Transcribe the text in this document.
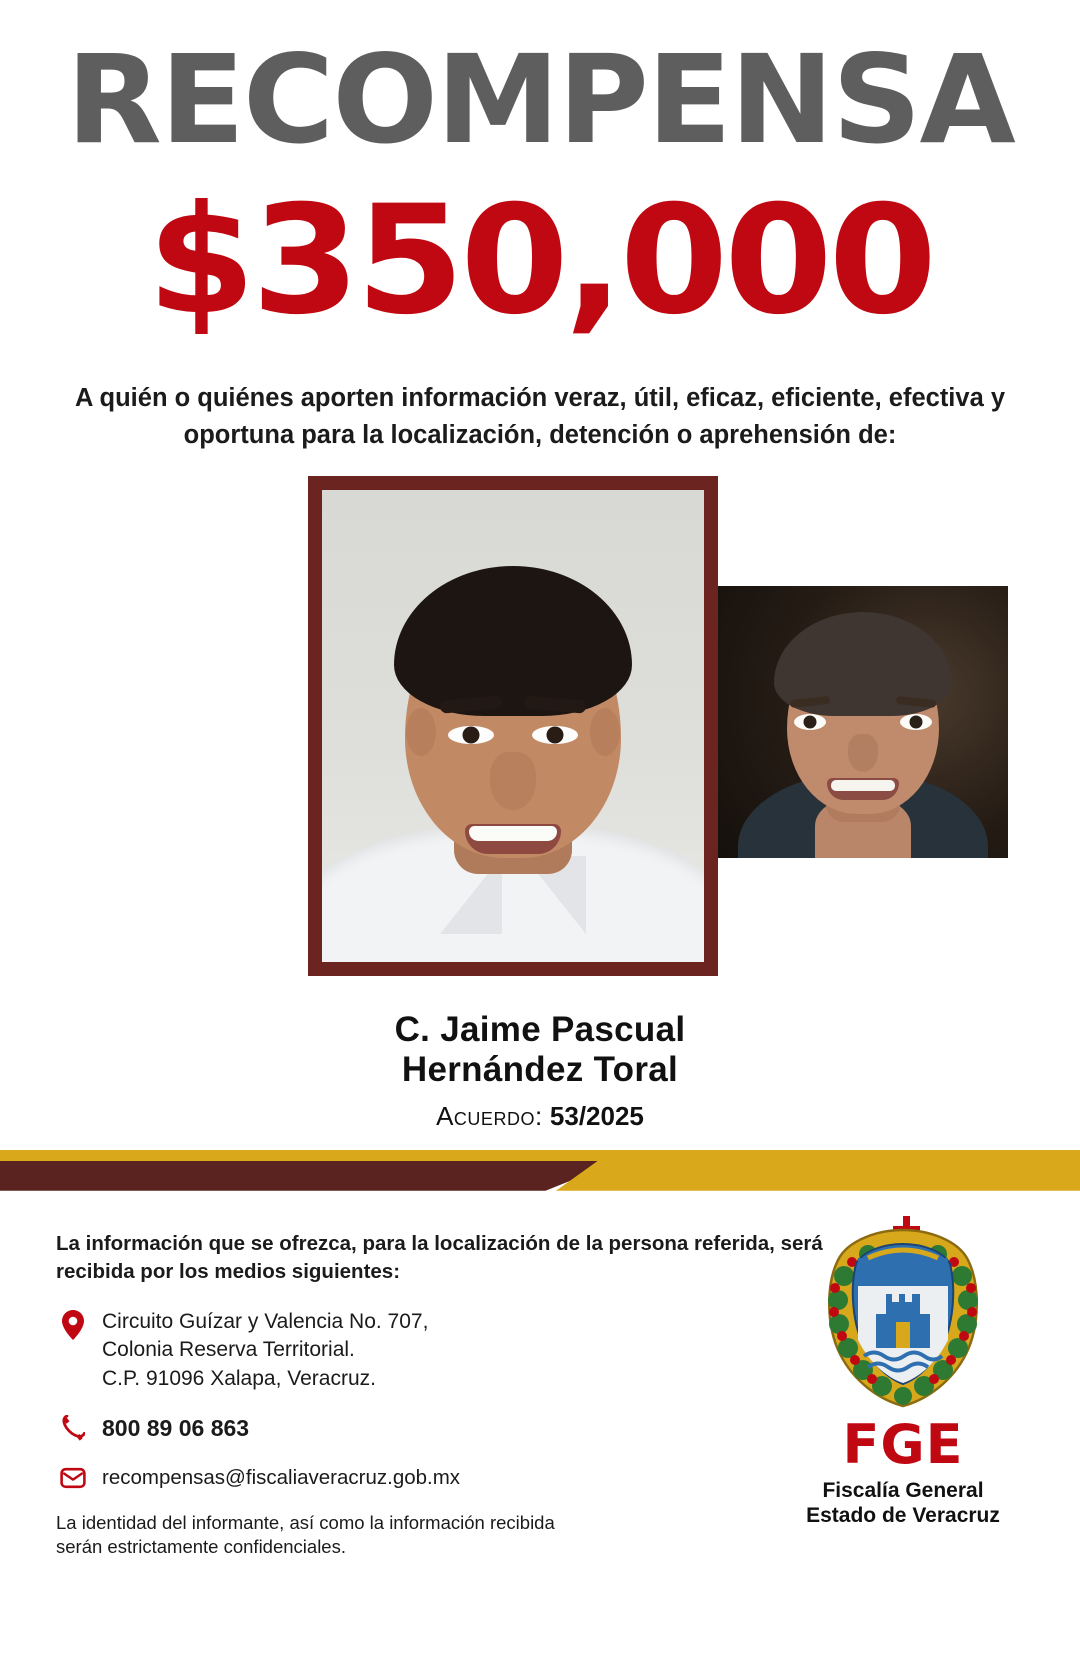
RECOMPENSA
$350,000

A quién o quiénes aporten información veraz, útil, eficaz, eficiente, efectiva y oportuna para la localización, detención o aprehensión de:

C. Jaime Pascual
Hernández Toral
Acuerdo: 53/2025
La información que se ofrezca, para la localización de la persona referida, será recibida por los medios siguientes:
Circuito Guízar y Valencia No. 707,
Colonia Reserva Territorial.
C.P. 91096 Xalapa, Veracruz.
800 89 06 863
recompensas@fiscaliaveracruz.gob.mx
La identidad del informante, así como la información recibida
serán estrictamente confidenciales.
FGE
Fiscalía General
Estado de Veracruz
